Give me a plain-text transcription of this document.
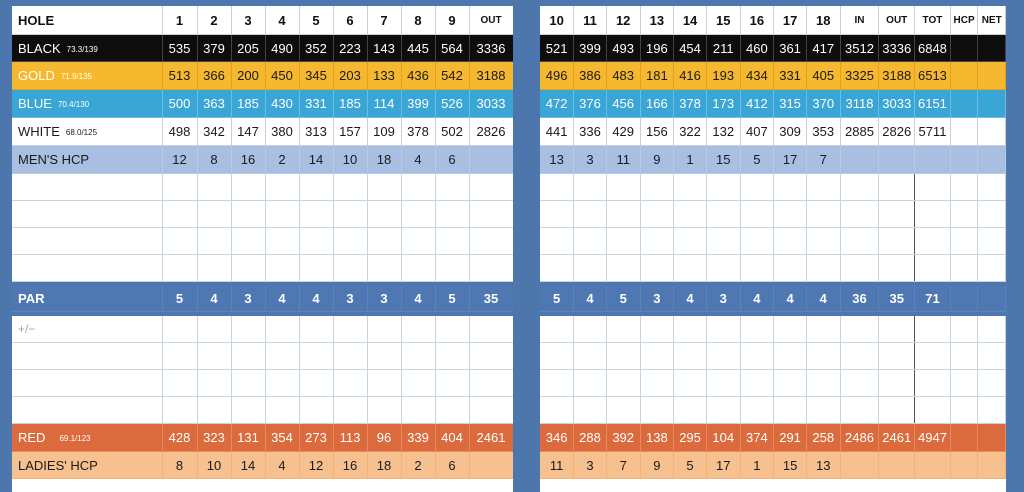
HOLE	1	2	3	4	5	6	7	8	9	OUT
BLACK 73.3/139	535	379	205	490	352	223	143	445	564	3336
GOLD 71.9/135	513	366	200	450	345	203	133	436	542	3188
BLUE 70.4/130	500	363	185	430	331	185	114	399	526	3033
WHITE 68.0/125	498	342	147	380	313	157	109	378	502	2826
MEN'S HCP	12	8	16	2	14	10	18	4	6	

PAR	5	4	3	4	4	3	3	4	5	35

+/−										

RED 69.1/123	428	323	131	354	273	113	96	339	404	2461
LADIES' HCP	8	10	14	4	12	16	18	2	6	
10	11	12	13	14	15	16	17	18	IN	OUT	TOT	HCP	NET
521	399	493	196	454	211	460	361	417	3512	3336	6848		
496	386	483	181	416	193	434	331	405	3325	3188	6513		
472	376	456	166	378	173	412	315	370	3118	3033	6151		
441	336	429	156	322	132	407	309	353	2885	2826	5711		
13	3	11	9	1	15	5	17	7					

5	4	5	3	4	3	4	4	4	36	35	71		

346	288	392	138	295	104	374	291	258	2486	2461	4947		
11	3	7	9	5	17	1	15	13					
